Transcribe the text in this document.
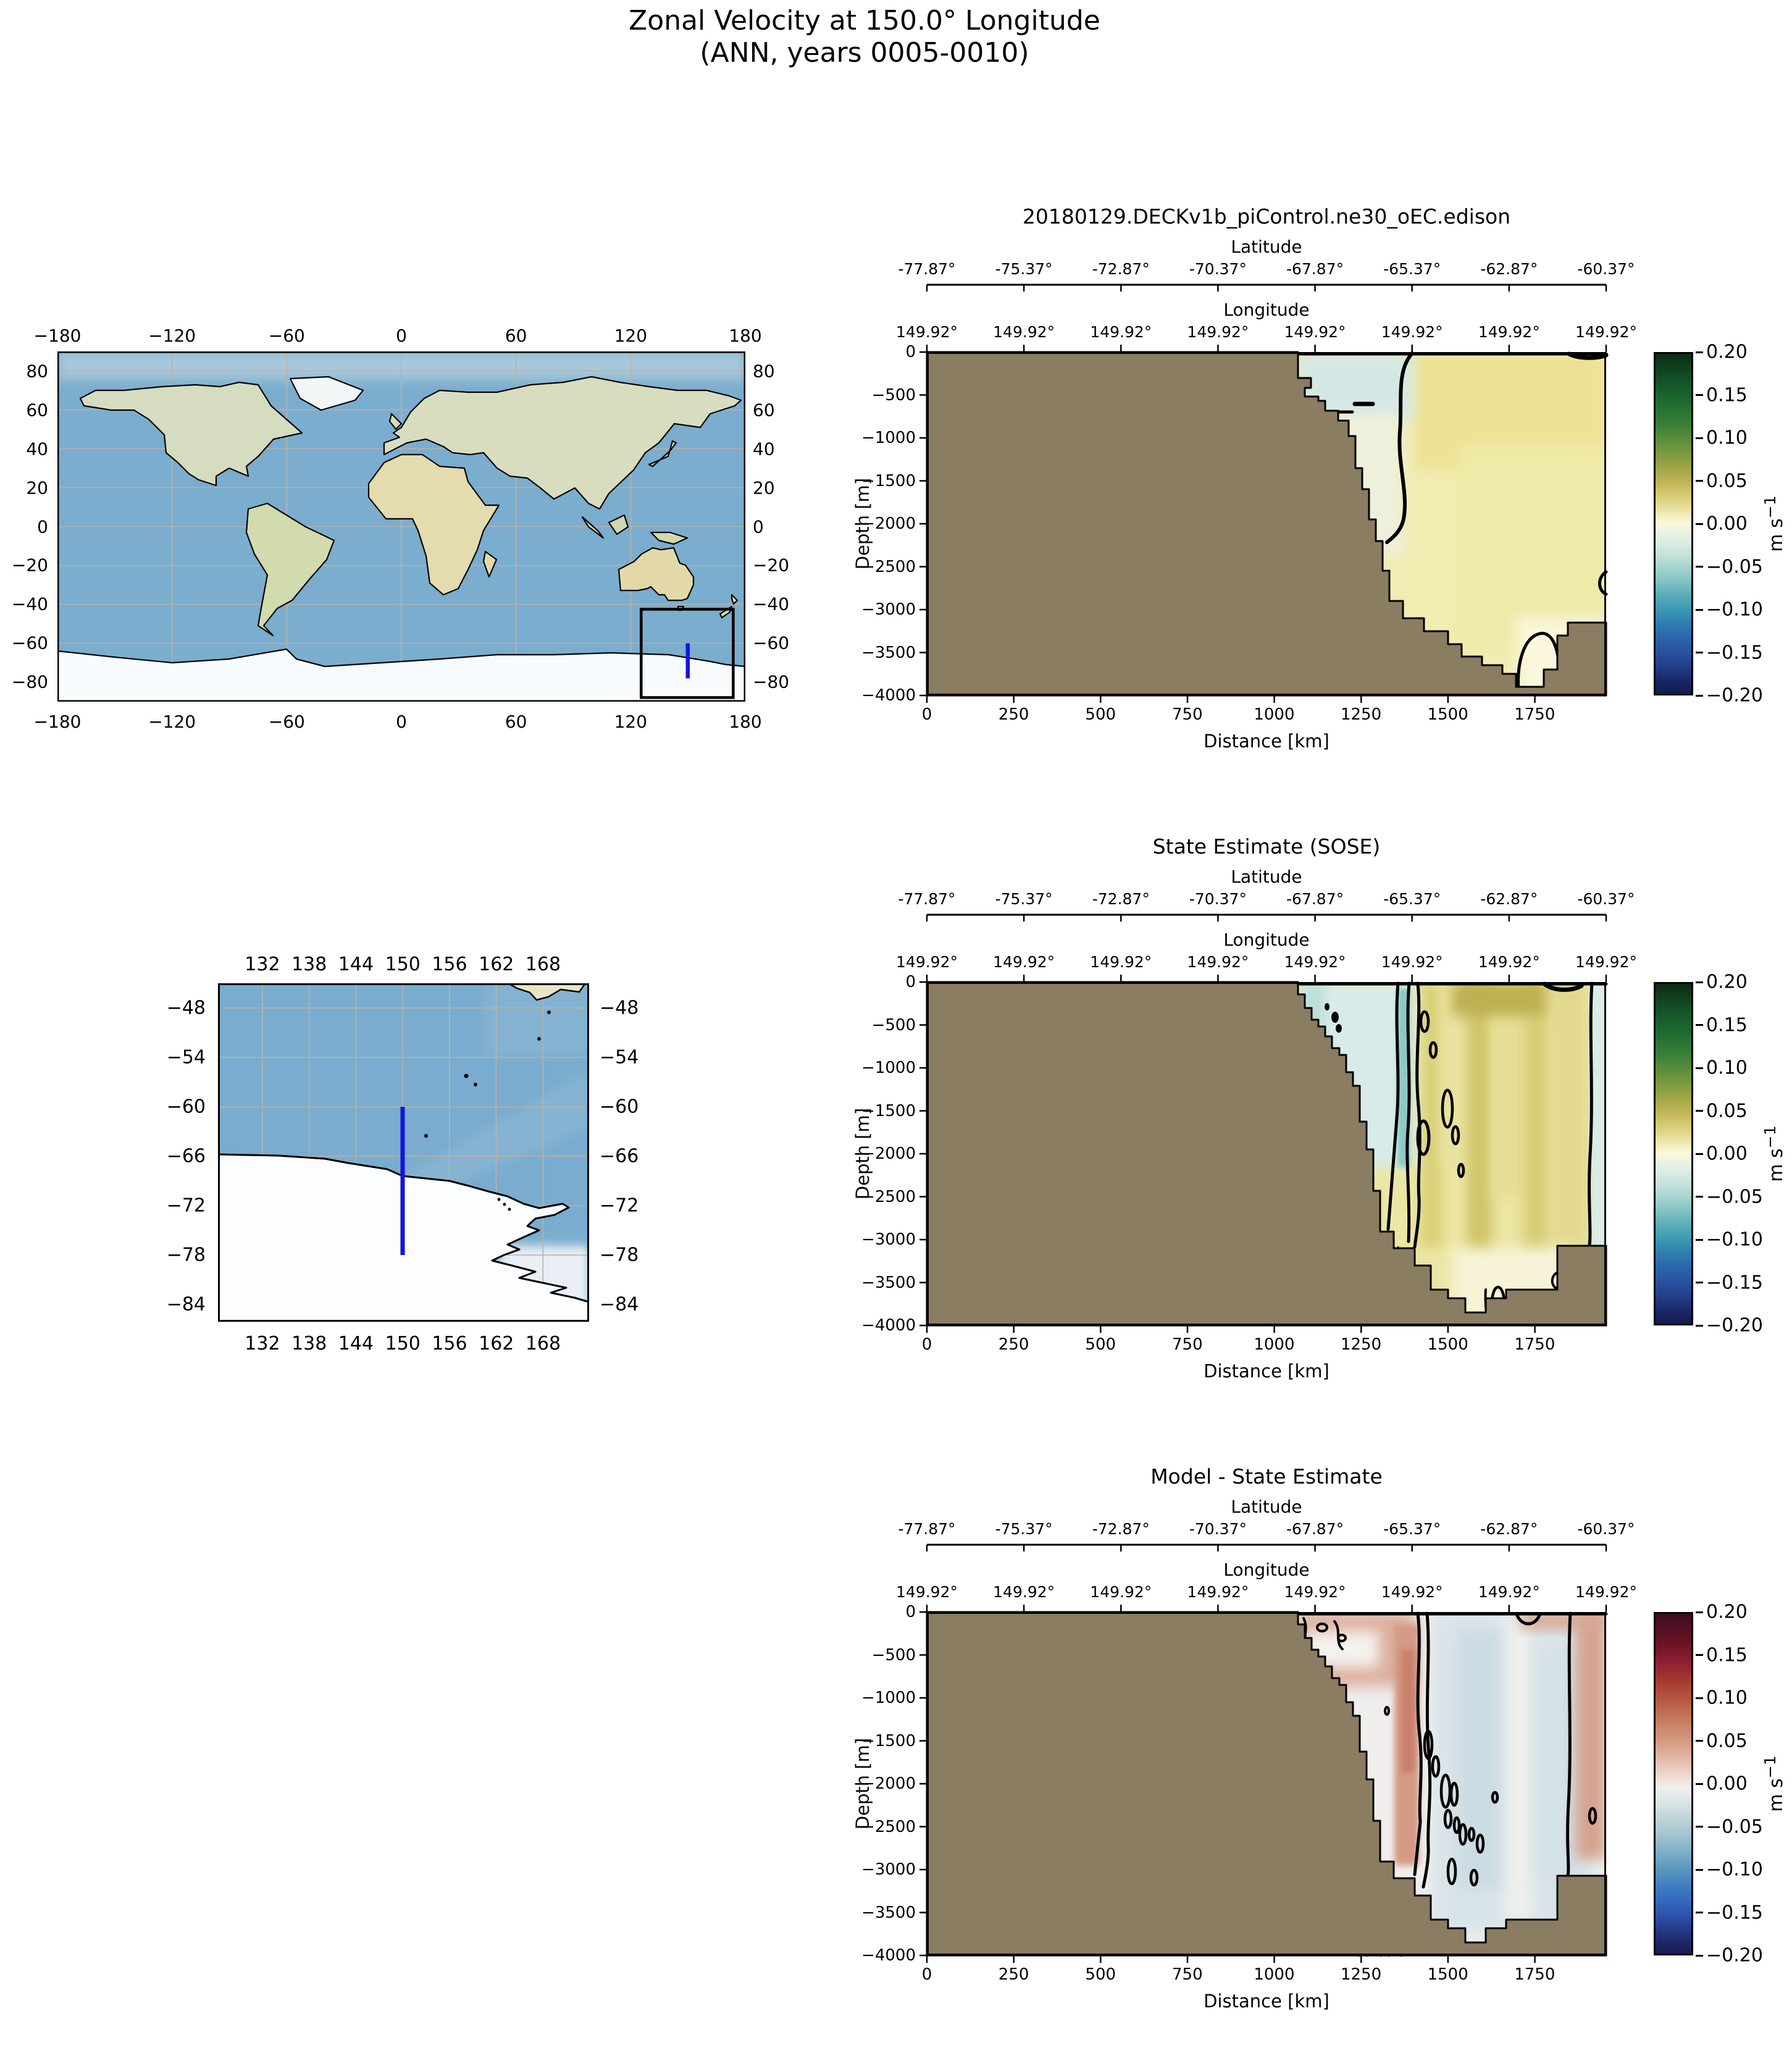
Zonal Velocity at 150.0° Longitude
(ANN, years 0005-0010)
−180	−120	−60	0	60	120	180
−180	−120	−60	0	60	120	180
80
60
40
20
0
−20
−40
−60
−80
80
60
40
20
0
−20
−40
−60
−80
132 138 144 150 156 162 168
132 138 144 150 156 162 168
−48
−54
−60
−66
−72
−78
−84
−48
−54
−60
−66
−72
−78
−84
20180129.DECKv1b_piControl.ne30_oEC.edison
Latitude
-77.87°	-75.37°	-72.87°	-70.37°	-67.87°	-65.37°	-62.87°	-60.37°
Longitude
149.92° 149.92° 149.92° 149.92° 149.92° 149.92° 149.92° 149.92°
0
−500
−1000
−1500
−2000
−2500
−3000
−3500
−4000
Depth [m]
0	250	500	750	1000	1250	1500	1750
Distance [km]
0.20
0.15
0.10
0.05
0.00
−0.05
−0.10
−0.15
−0.20
m $s^{-1}$
State Estimate (SOSE)
Latitude
-77.87°	-75.37°	-72.87°	-70.37°	-67.87°	-65.37°	-62.87°	-60.37°
Longitude
149.92° 149.92° 149.92° 149.92° 149.92° 149.92° 149.92° 149.92°
0
−500
−1000
−1500
−2000
−2500
−3000
−3500
−4000
Depth [m]
0	250	500	750	1000	1250	1500	1750
Distance [km]
0.20
0.15
0.10
0.05
0.00
−0.05
−0.10
−0.15
−0.20
m $s^{-1}$
Model - State Estimate
Latitude
-77.87°	-75.37°	-72.87°	-70.37°	-67.87°	-65.37°	-62.87°	-60.37°
Longitude
149.92° 149.92° 149.92° 149.92° 149.92° 149.92° 149.92° 149.92°
0
−500
−1000
−1500
−2000
−2500
−3000
−3500
−4000
Depth [m]
0	250	500	750	1000	1250	1500	1750
Distance [km]
0.20
0.15
0.10
0.05
0.00
−0.05
−0.10
−0.15
−0.20
m $s^{-1}$
